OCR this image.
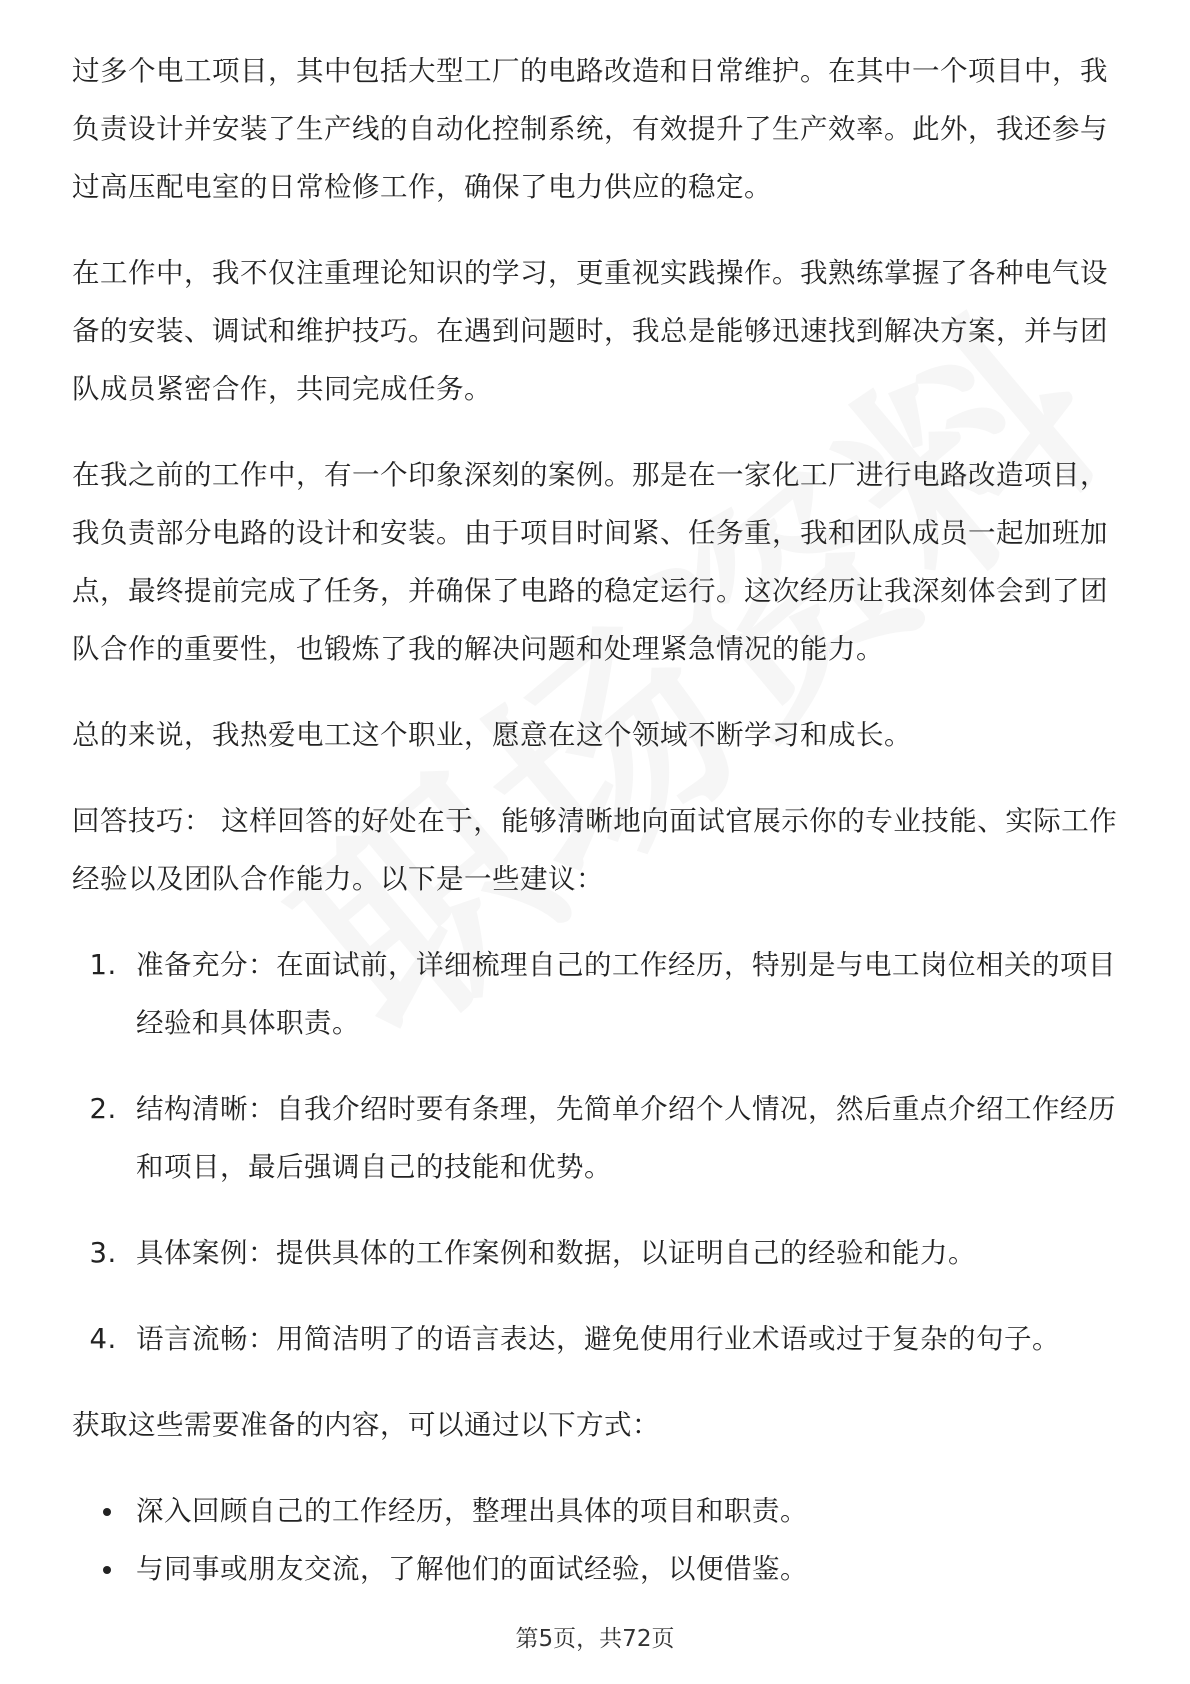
过多个电工项目，其中包括大型工厂的电路改造和日常维护。在其中一个项目中，我负责设计并安装了生产线的自动化控制系统，有效提升了生产效率。此外，我还参与过高压配电室的日常检修工作，确保了电力供应的稳定。

在工作中，我不仅注重理论知识的学习，更重视实践操作。我熟练掌握了各种电气设备的安装、调试和维护技巧。在遇到问题时，我总是能够迅速找到解决方案，并与团队成员紧密合作，共同完成任务。

在我之前的工作中，有一个印象深刻的案例。那是在一家化工厂进行电路改造项目，我负责部分电路的设计和安装。由于项目时间紧、任务重，我和团队成员一起加班加点，最终提前完成了任务，并确保了电路的稳定运行。这次经历让我深刻体会到了团队合作的重要性，也锻炼了我的解决问题和处理紧急情况的能力。

总的来说，我热爱电工这个职业，愿意在这个领域不断学习和成长。

回答技巧： 这样回答的好处在于，能够清晰地向面试官展示你的专业技能、实际工作经验以及团队合作能力。以下是一些建议：

1. 准备充分：在面试前，详细梳理自己的工作经历，特别是与电工岗位相关的项目经验和具体职责。
2. 结构清晰：自我介绍时要有条理，先简单介绍个人情况，然后重点介绍工作经历和项目，最后强调自己的技能和优势。
3. 具体案例：提供具体的工作案例和数据，以证明自己的经验和能力。
4. 语言流畅：用简洁明了的语言表达，避免使用行业术语或过于复杂的句子。

获取这些需要准备的内容，可以通过以下方式：

• 深入回顾自己的工作经历，整理出具体的项目和职责。
• 与同事或朋友交流，了解他们的面试经验，以便借鉴。
第5页，共72页
